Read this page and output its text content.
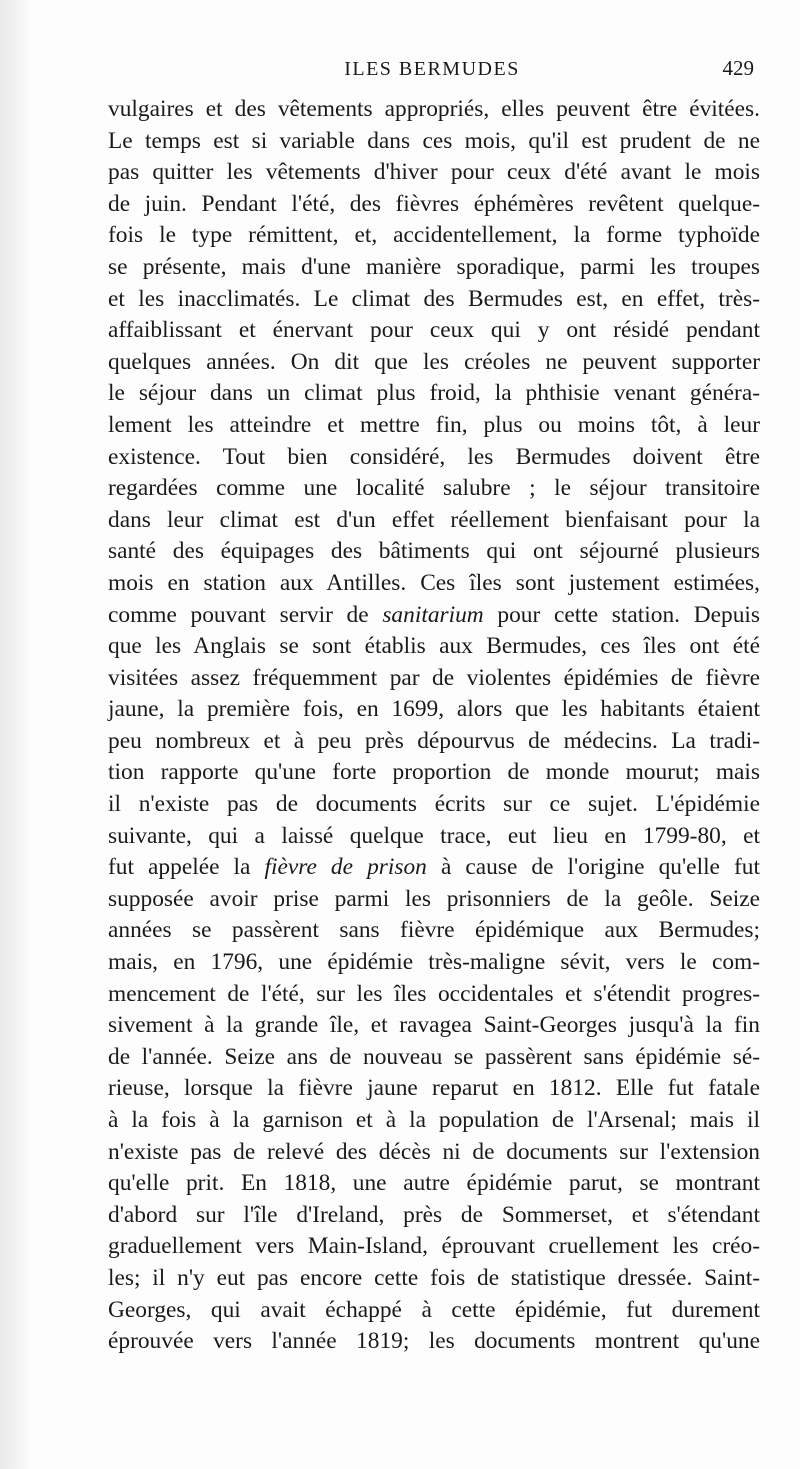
ILES BERMUDES	429
vulgaires et des vêtements appropriés, elles peuvent être évitées.
Le temps est si variable dans ces mois, qu'il est prudent de ne
pas quitter les vêtements d'hiver pour ceux d'été avant le mois
de juin. Pendant l'été, des fièvres éphémères revêtent quelque-
fois le type rémittent, et, accidentellement, la forme typhoïde
se présente, mais d'une manière sporadique, parmi les troupes
et les inacclimatés. Le climat des Bermudes est, en effet, très-
affaiblissant et énervant pour ceux qui y ont résidé pendant
quelques années. On dit que les créoles ne peuvent supporter
le séjour dans un climat plus froid, la phthisie venant généra-
lement les atteindre et mettre fin, plus ou moins tôt, à leur
existence. Tout bien considéré, les Bermudes doivent être
regardées comme une localité salubre ; le séjour transitoire
dans leur climat est d'un effet réellement bienfaisant pour la
santé des équipages des bâtiments qui ont séjourné plusieurs
mois en station aux Antilles. Ces îles sont justement estimées,
comme pouvant servir de sanitarium pour cette station. Depuis
que les Anglais se sont établis aux Bermudes, ces îles ont été
visitées assez fréquemment par de violentes épidémies de fièvre
jaune, la première fois, en 1699, alors que les habitants étaient
peu nombreux et à peu près dépourvus de médecins. La tradi-
tion rapporte qu'une forte proportion de monde mourut; mais
il n'existe pas de documents écrits sur ce sujet. L'épidémie
suivante, qui a laissé quelque trace, eut lieu en 1799-80, et
fut appelée la fièvre de prison à cause de l'origine qu'elle fut
supposée avoir prise parmi les prisonniers de la geôle. Seize
années se passèrent sans fièvre épidémique aux Bermudes;
mais, en 1796, une épidémie très-maligne sévit, vers le com-
mencement de l'été, sur les îles occidentales et s'étendit progres-
sivement à la grande île, et ravagea Saint-Georges jusqu'à la fin
de l'année. Seize ans de nouveau se passèrent sans épidémie sé-
rieuse, lorsque la fièvre jaune reparut en 1812. Elle fut fatale
à la fois à la garnison et à la population de l'Arsenal; mais il
n'existe pas de relevé des décès ni de documents sur l'extension
qu'elle prit. En 1818, une autre épidémie parut, se montrant
d'abord sur l'île d'Ireland, près de Sommerset, et s'étendant
graduellement vers Main-Island, éprouvant cruellement les créo-
les; il n'y eut pas encore cette fois de statistique dressée. Saint-
Georges, qui avait échappé à cette épidémie, fut durement
éprouvée vers l'année 1819; les documents montrent qu'une
